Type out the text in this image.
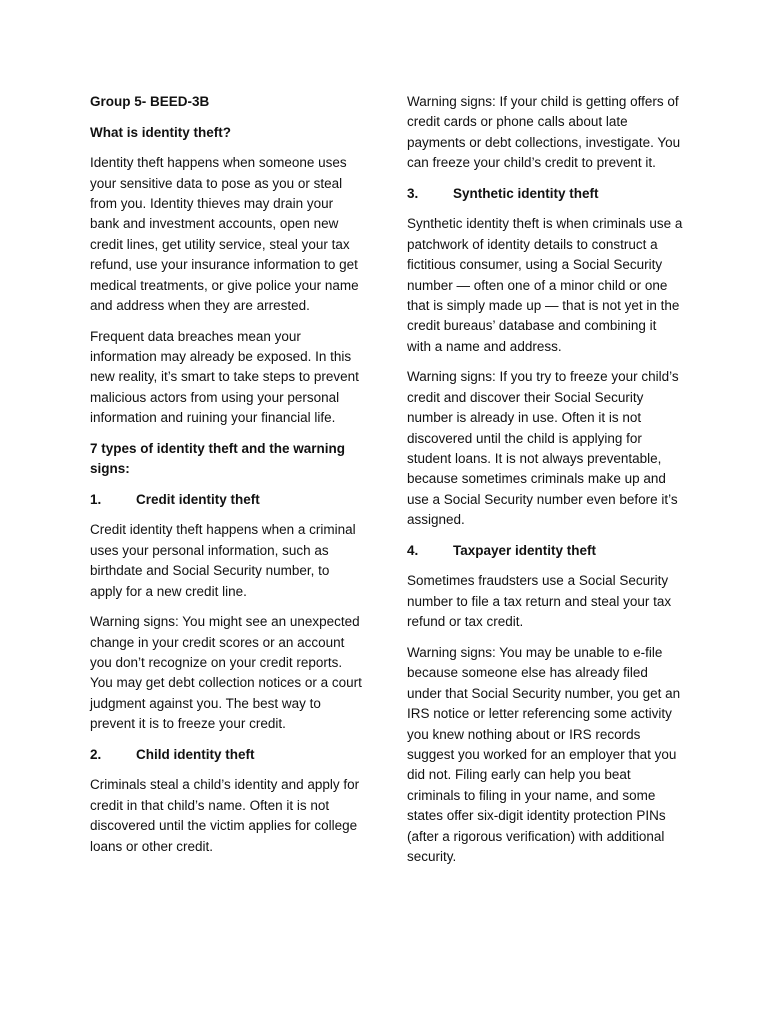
Group 5- BEED-3B

What is identity theft?

Identity theft happens when someone uses your sensitive data to pose as you or steal from you. Identity thieves may drain your bank and investment accounts, open new credit lines, get utility service, steal your tax refund, use your insurance information to get medical treatments, or give police your name and address when they are arrested.

Frequent data breaches mean your information may already be exposed. In this new reality, it’s smart to take steps to prevent malicious actors from using your personal information and ruining your financial life.

7 types of identity theft and the warning signs:

1.	Credit identity theft

Credit identity theft happens when a criminal uses your personal information, such as birthdate and Social Security number, to apply for a new credit line.

Warning signs: You might see an unexpected change in your credit scores or an account you don’t recognize on your credit reports. You may get debt collection notices or a court judgment against you. The best way to prevent it is to freeze your credit.

2.	Child identity theft

Criminals steal a child’s identity and apply for credit in that child’s name. Often it is not discovered until the victim applies for college loans or other credit.

Warning signs: If your child is getting offers of credit cards or phone calls about late payments or debt collections, investigate. You can freeze your child’s credit to prevent it.

3.	Synthetic identity theft

Synthetic identity theft is when criminals use a patchwork of identity details to construct a fictitious consumer, using a Social Security number — often one of a minor child or one that is simply made up — that is not yet in the credit bureaus’ database and combining it with a name and address.

Warning signs: If you try to freeze your child’s credit and discover their Social Security number is already in use. Often it is not discovered until the child is applying for student loans. It is not always preventable, because sometimes criminals make up and use a Social Security number even before it’s assigned.

4.	Taxpayer identity theft

Sometimes fraudsters use a Social Security number to file a tax return and steal your tax refund or tax credit.

Warning signs: You may be unable to e-file because someone else has already filed under that Social Security number, you get an IRS notice or letter referencing some activity you knew nothing about or IRS records suggest you worked for an employer that you did not. Filing early can help you beat criminals to filing in your name, and some states offer six-digit identity protection PINs (after a rigorous verification) with additional security.
